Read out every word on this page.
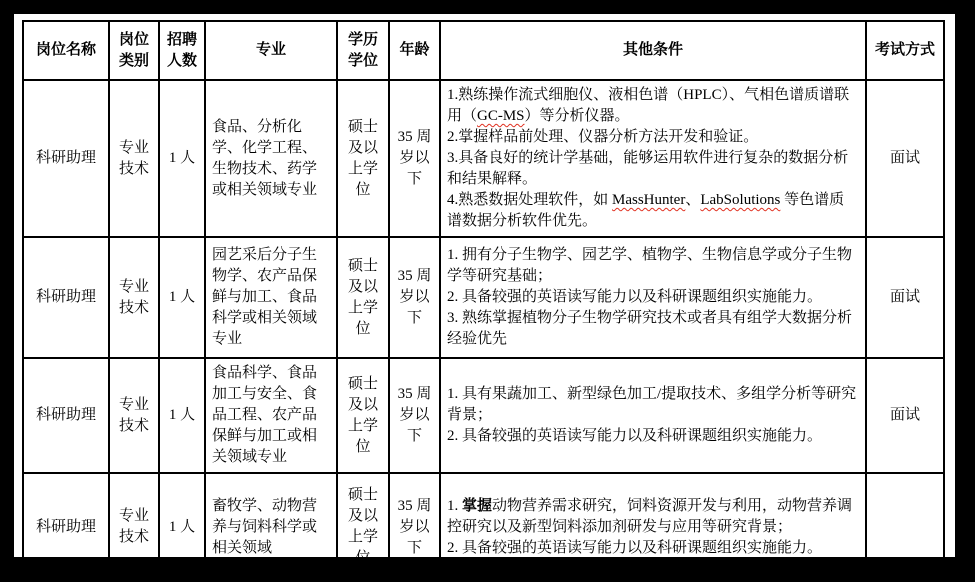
岗位名称	岗位类别	招聘人数	专业	学历学位	年龄	其他条件	考试方式
科研助理	专业技术	1 人	食品、分析化学、化学工程、生物技术、药学或相关领域专业	硕士及以上学位	35 周岁以下	1.熟练操作流式细胞仪、液相色谱（HPLC）、气相色谱质谱联用（GC-MS）等分析仪器。
2.掌握样品前处理、仪器分析方法开发和验证。
3.具备良好的统计学基础，能够运用软件进行复杂的数据分析和结果解释。
4.熟悉数据处理软件，如 MassHunter、LabSolutions 等色谱质谱数据分析软件优先。	面试
科研助理	专业技术	1 人	园艺采后分子生物学、农产品保鲜与加工、食品科学或相关领域专业	硕士及以上学位	35 周岁以下	1. 拥有分子生物学、园艺学、植物学、生物信息学或分子生物学等研究基础；
2. 具备较强的英语读写能力以及科研课题组织实施能力。
3. 熟练掌握植物分子生物学研究技术或者具有组学大数据分析经验优先	面试
科研助理	专业技术	1 人	食品科学、食品加工与安全、食品工程、农产品保鲜与加工或相关领域专业	硕士及以上学位	35 周岁以下	1. 具有果蔬加工、新型绿色加工/提取技术、多组学分析等研究背景；
2. 具备较强的英语读写能力以及科研课题组织实施能力。	面试
科研助理	专业技术	1 人	畜牧学、动物营养与饲料科学或相关领域	硕士及以上学位	35 周岁以下	1. 掌握动物营养需求研究，饲料资源开发与利用，动物营养调控研究以及新型饲料添加剂研发与应用等研究背景；
2. 具备较强的英语读写能力以及科研课题组织实施能力。	
